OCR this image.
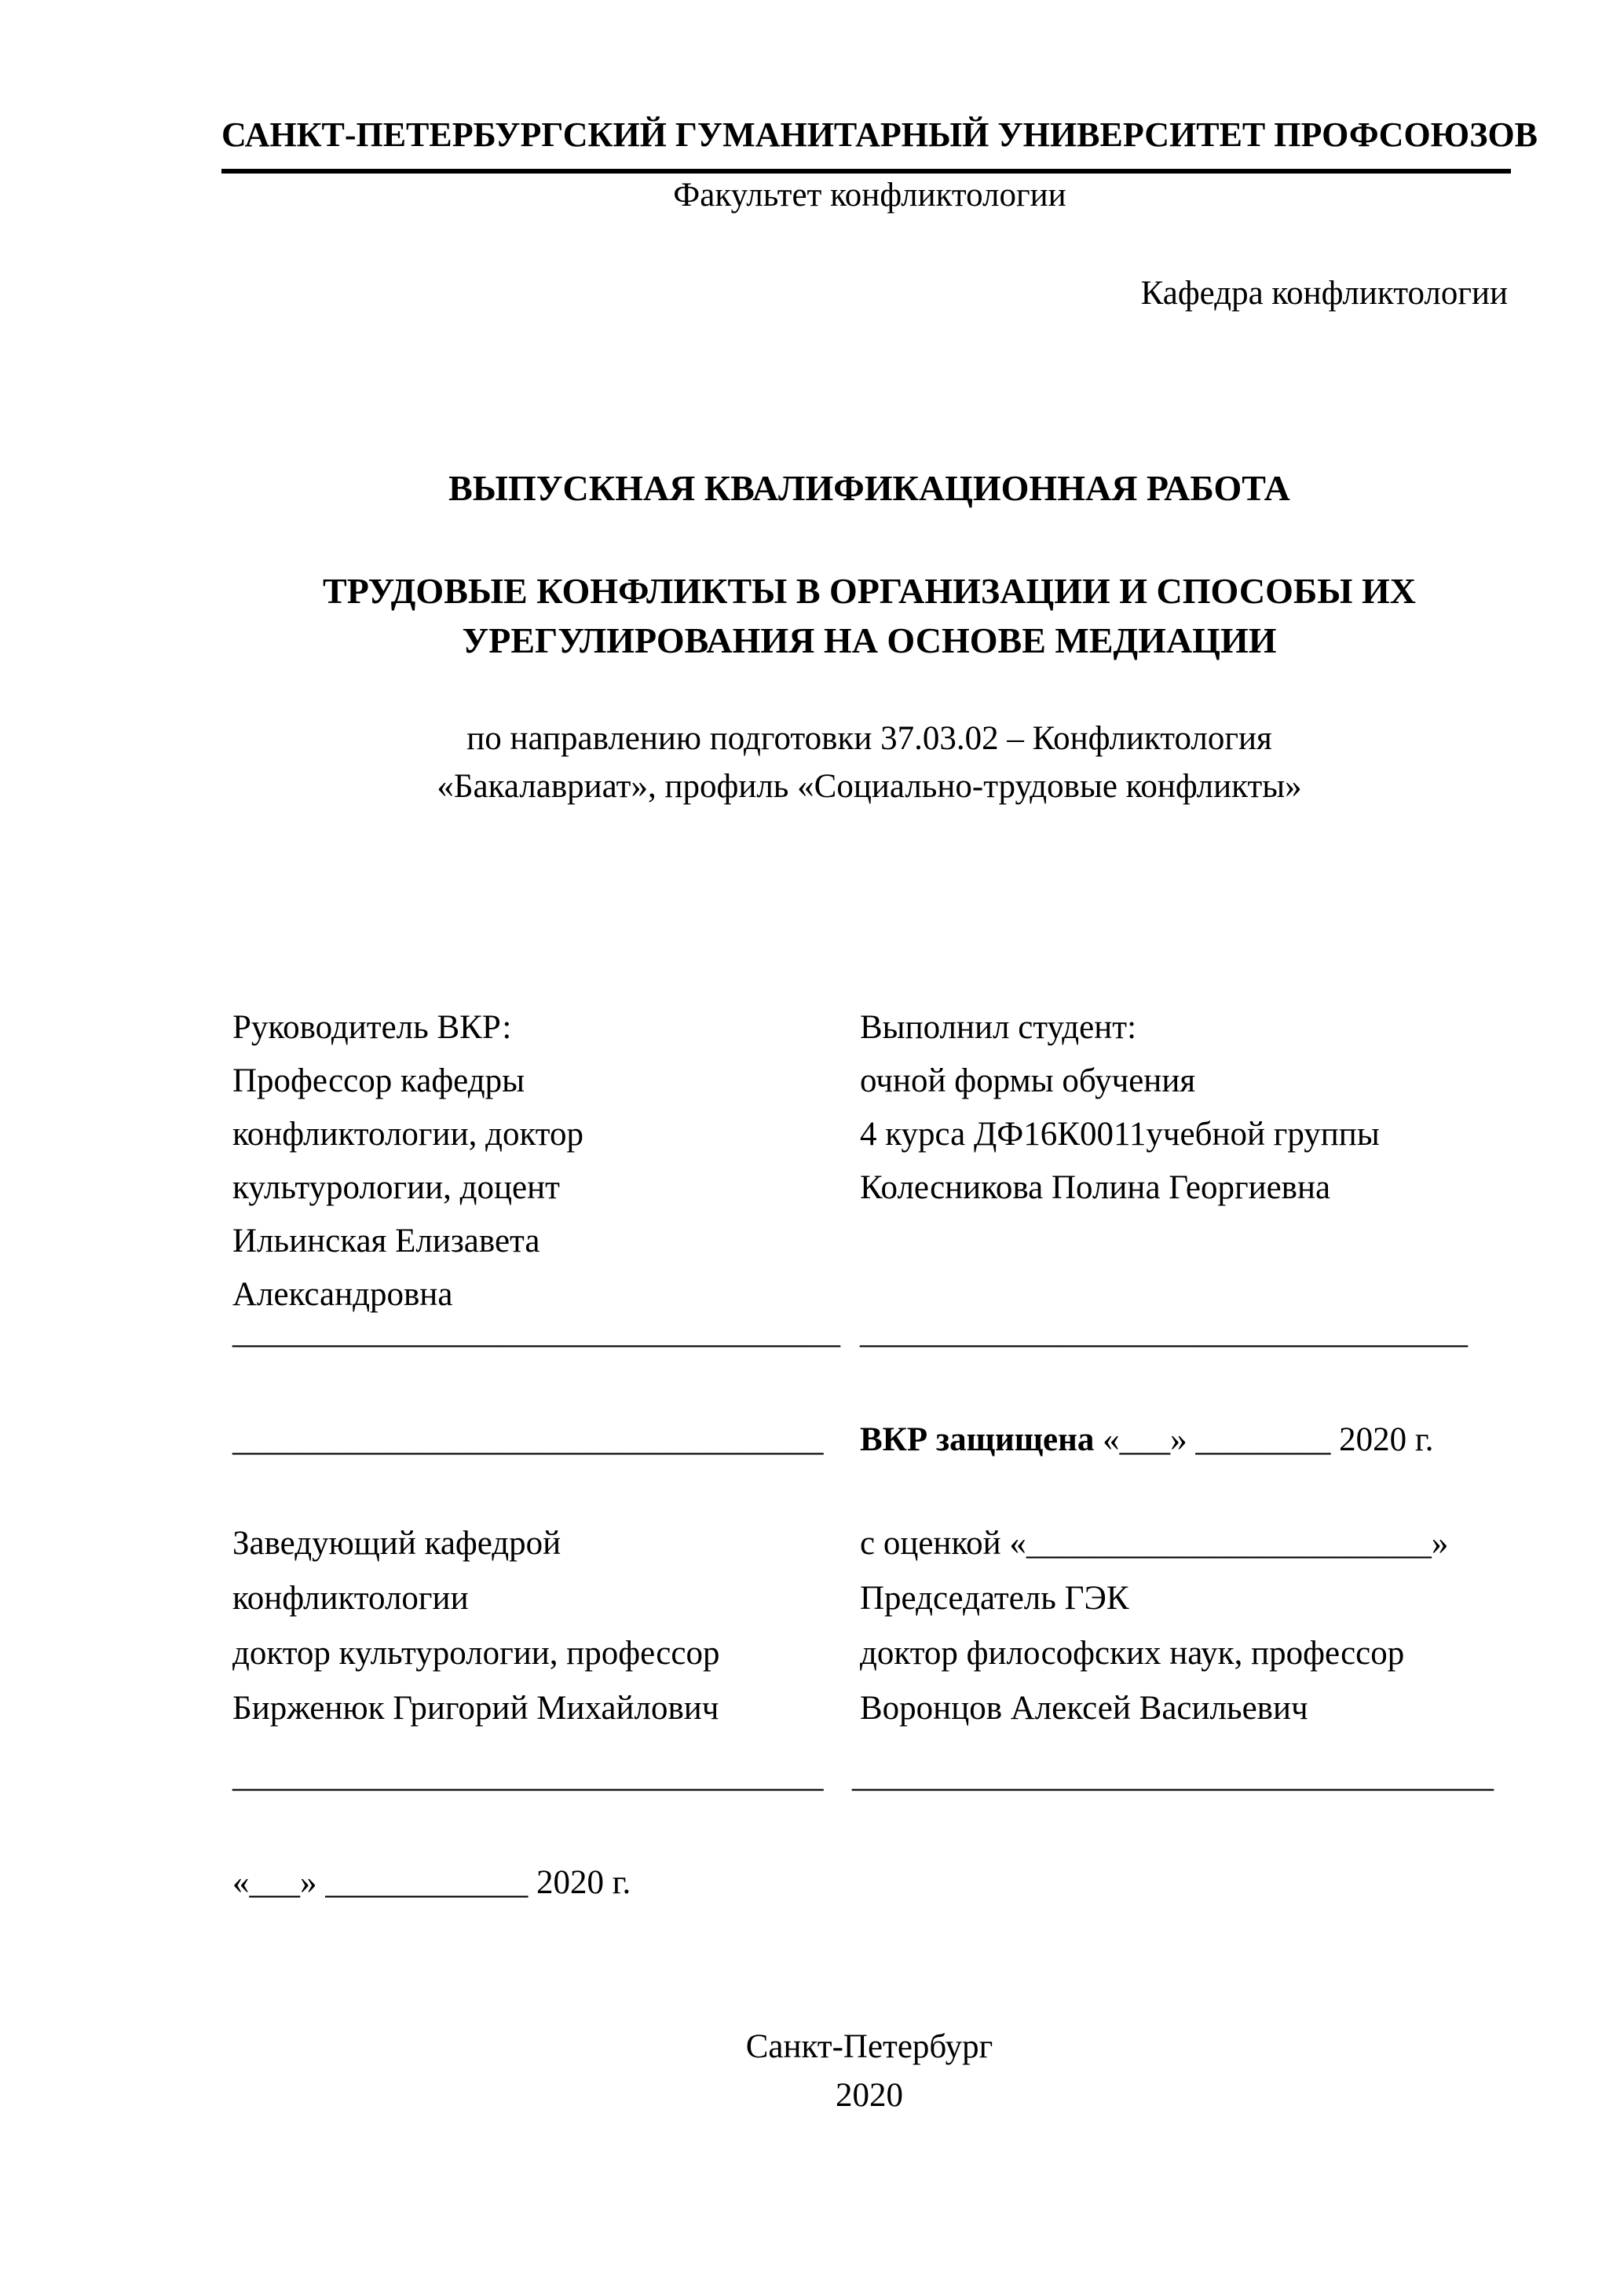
САНКТ-ПЕТЕРБУРГСКИЙ ГУМАНИТАРНЫЙ УНИВЕРСИТЕТ ПРОФСОЮЗОВ
Факультет конфликтологии
Кафедра конфликтологии
ВЫПУСКНАЯ КВАЛИФИКАЦИОННАЯ РАБОТА
ТРУДОВЫЕ КОНФЛИКТЫ В ОРГАНИЗАЦИИ И СПОСОБЫ ИХ
УРЕГУЛИРОВАНИЯ НА ОСНОВЕ МЕДИАЦИИ
по направлению подготовки 37.03.02 – Конфликтология
«Бакалавриат», профиль «Социально-трудовые конфликты»
Руководитель ВКР:
Профессор кафедры
конфликтологии, доктор
культурологии, доцент
Ильинская Елизавета
Александровна
Выполнил студент:
очной формы обучения
4 курса ДФ16К0011учебной группы
Колесникова Полина Георгиевна
____________________________________ ____________________________________
___________________________________ ВКР защищена «___» ________ 2020 г.
Заведующий кафедрой
конфликтологии
доктор культурологии, профессор
Бирженюк Григорий Михайлович
с оценкой «________________________»
Председатель ГЭК
доктор философских наук, профессор
Воронцов Алексей Васильевич
___________________________________ ______________________________________
«___» ____________ 2020 г.
Санкт-Петербург
2020
